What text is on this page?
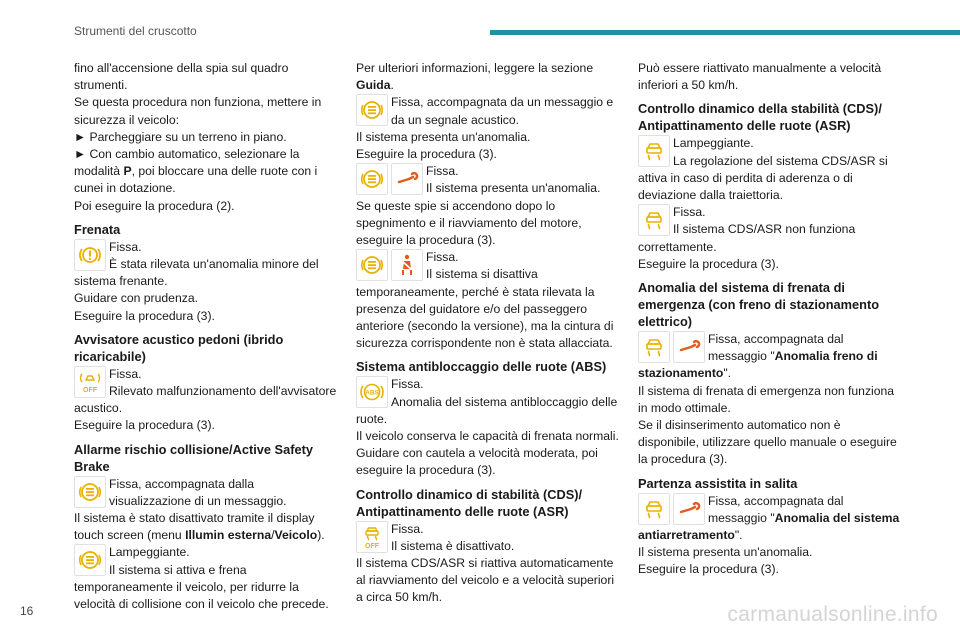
Strumenti del cruscotto

fino all'accensione della spia sul quadro strumenti.

Se questa procedura non funziona, mettere in sicurezza il veicolo:

► Parcheggiare su un terreno in piano.

► Con cambio automatico, selezionare la modalità P, poi bloccare una delle ruote con i cunei in dotazione.

Poi eseguire la procedura (2).

Frenata
Fissa.
È stata rilevata un'anomalia minore del sistema frenante.

Guidare con prudenza.

Eseguire la procedura (3).

Avvisatore acustico pedoni (ibrido ricaricabile)
OFF
Fissa.
Rilevato malfunzionamento dell'avvisatore acustico.

Eseguire la procedura (3).

Allarme rischio collisione/Active Safety Brake
Fissa, accompagnata dalla visualizzazione di un messaggio.

Il sistema è stato disattivato tramite il display touch screen (menu Illumin esterna/Veicolo).

Lampeggiante.
Il sistema si attiva e frena temporaneamente il veicolo, per ridurre la velocità di collisione con il veicolo che precede.

Per ulteriori informazioni, leggere la sezione Guida.

Fissa, accompagnata da un messaggio e da un segnale acustico.

Il sistema presenta un'anomalia.

Eseguire la procedura (3).

Fissa.
Il sistema presenta un'anomalia.

Se queste spie si accendono dopo lo spegnimento e il riavviamento del motore, eseguire la procedura (3).

Fissa.
Il sistema si disattiva temporaneamente, perché è stata rilevata la presenza del guidatore e/o del passeggero anteriore (secondo la versione), ma la cintura di sicurezza corrispondente non è stata allacciata.
Sistema antibloccaggio delle ruote (ABS)
ABS
Fissa.
Anomalia del sistema antibloccaggio delle ruote.

Il veicolo conserva le capacità di frenata normali. Guidare con cautela a velocità moderata, poi eseguire la procedura (3).

Controllo dinamico di stabilità (CDS)/ Antipattinamento delle ruote (ASR)
OFF
Fissa.
Il sistema è disattivato.

Il sistema CDS/ASR si riattiva automaticamente al riavviamento del veicolo e a velocità superiori a circa 50 km/h.

Può essere riattivato manualmente a velocità inferiori a 50 km/h.

Controllo dinamico della stabilità (CDS)/ Antipattinamento delle ruote (ASR)
Lampeggiante.
La regolazione del sistema CDS/ASR si attiva in caso di perdita di aderenza o di deviazione dalla traiettoria.
Fissa.
Il sistema CDS/ASR non funziona correttamente.

Eseguire la procedura (3).

Anomalia del sistema di frenata di emergenza (con freno di stazionamento elettrico)
Fissa, accompagnata dal messaggio "Anomalia freno di stazionamento".

Il sistema di frenata di emergenza non funziona in modo ottimale.

Se il disinserimento automatico non è disponibile, utilizzare quello manuale o eseguire la procedura (3).

Partenza assistita in salita
Fissa, accompagnata dal messaggio "Anomalia del sistema antiarretramento".

Il sistema presenta un'anomalia.

Eseguire la procedura (3).

16	carmanualsonline.info
